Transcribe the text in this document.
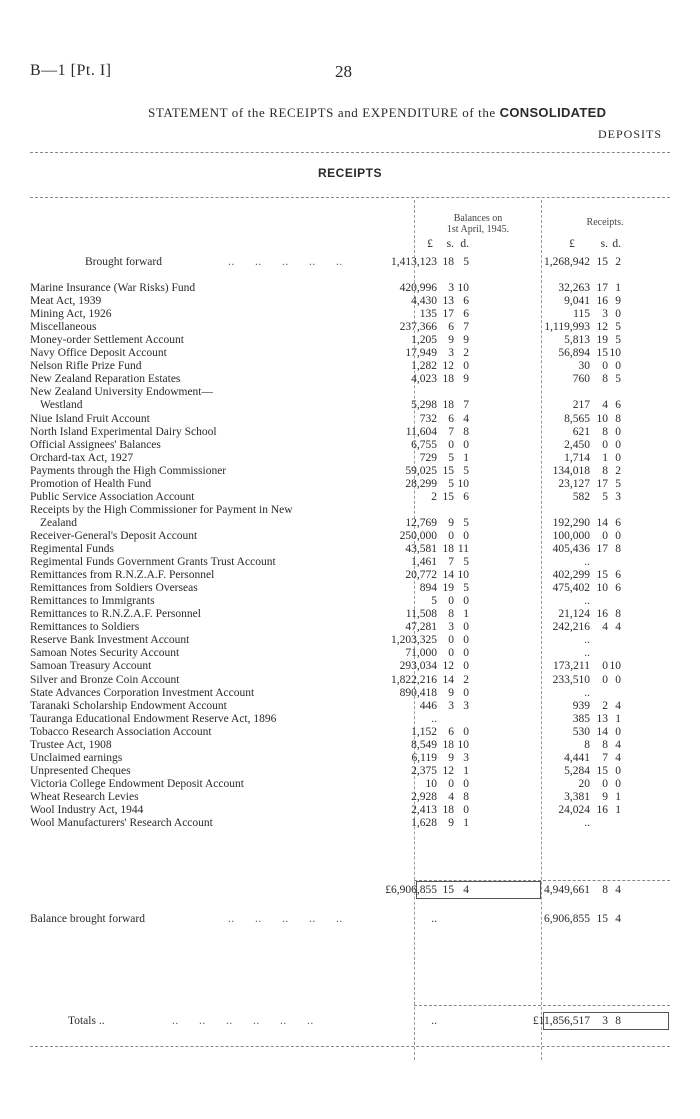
B—1 [Pt. I]	28
STATEMENT of the RECEIPTS and EXPENDITURE of the CONSOLIDATED
DEPOSITS
RECEIPTS
Balances on
1st April, 1945.
Receipts.
£	s. d.	£	s. d.
Brought forward	..      ..      ..      ..      ..	1,413,123 18 5	1,268,942 15 2
Marine Insurance (War Risks) Fund	420,996 3 10	32,263 17 1
Meat Act, 1939	4,430 13 6	9,041 16 9
Mining Act, 1926	135 17 6	115	3 0
Miscellaneous	237,366 6 7	1,119,993 12 5
Money-order Settlement Account	1,205 9 9	5,813 19 5
Navy Office Deposit Account	17,949 3 2	56,894 15 10
Nelson Rifle Prize Fund	1,282 12 0	30	0 0
New Zealand Reparation Estates	4,023 18 9	760	8 5
New Zealand University Endowment—
Westland	5,298 18 7	217	4 6
Niue Island Fruit Account	732 6 4	8,565 10 8
North Island Experimental Dairy School	11,604 7 8	621	8 0
Official Assignees' Balances	6,755 0 0	2,450	0 0
Orchard-tax Act, 1927	729 5 1	1,714	1 0
Payments through the High Commissioner	59,025 15 5	134,018	8 2
Promotion of Health Fund	28,299 5 10	23,127 17 5
Public Service Association Account	2 15 6	582	5 3
Receipts by the High Commissioner for Payment in New
Zealand	12,769 9 5	192,290 14 6
Receiver-General's Deposit Account	250,000 0 0	100,000	0 0
Regimental Funds	43,581 18 11	405,436 17 8
Regimental Funds Government Grants Trust Account	1,461 7 5	..
Remittances from R.N.Z.A.F. Personnel	20,772 14 10	402,299 15 6
Remittances from Soldiers Overseas	894 19 5	475,402 10 6
Remittances to Immigrants	5 0 0	..
Remittances to R.N.Z.A.F. Personnel	11,508 8 1	21,124 16 8
Remittances to Soldiers	47,281 3 0	242,216	4 4
Reserve Bank Investment Account	1,203,325 0 0	..
Samoan Notes Security Account	71,000 0 0	..
Samoan Treasury Account	293,034 12 0	173,211	0 10
Silver and Bronze Coin Account	1,822,216 14 2	233,510	0 0
State Advances Corporation Investment Account	890,418 9 0	..
Taranaki Scholarship Endowment Account	446 3 3	939	2 4
Tauranga Educational Endowment Reserve Act, 1896	..	385 13 1
Tobacco Research Association Account	1,152 6 0	530 14 0
Trustee Act, 1908	8,549 18 10	8	8 4
Unclaimed earnings	6,119 9 3	4,441	7 4
Unpresented Cheques	2,375 12 1	5,284 15 0
Victoria College Endowment Deposit Account	10 0 0	20	0 0
Wheat Research Levies	2,928 4 8	3,381	9 1
Wool Industry Act, 1944	2,413 18 0	24,024 16 1
Wool Manufacturers' Research Account	1,628 9 1	..
£6,906,855 15 4	4,949,661	8 4
Balance brought forward	..      ..      ..      ..      ..	..	6,906,855 15 4
Totals ..	..      ..      ..      ..      ..      ..	..	£11,856,517	3 8
